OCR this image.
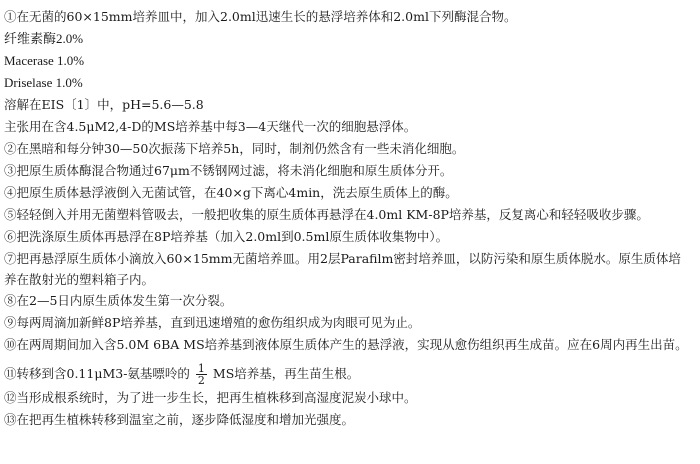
①在无菌的60×15mm培养皿中，加入2.0ml迅速生长的悬浮培养体和2.0ml下列酶混合物。
纤维素酶2.0%
Macerase 1.0%
Driselase 1.0%
溶解在EIS〔1〕中，pH=5.6—5.8
主张用在含4.5μM2,4-D的MS培养基中每3—4天继代一次的细胞悬浮体。
②在黑暗和每分钟30—50次振荡下培养5h，同时，制剂仍然含有一些未消化细胞。
③把原生质体酶混合物通过67μm不锈钢网过滤，将未消化细胞和原生质体分开。
④把原生质体悬浮液倒入无菌试管，在40×g下离心4min，洗去原生质体上的酶。
⑤轻轻倒入并用无菌塑料管吸去，一般把收集的原生质体再悬浮在4.0ml KM-8P培养基，反复离心和轻轻吸收步骤。
⑥把洗涤原生质体再悬浮在8P培养基（加入2.0ml到0.5ml原生质体收集物中）。
⑦把再悬浮原生质体小滴放入60×15mm无菌培养皿。用2层Parafilm密封培养皿，以防污染和原生质体脱水。原生质体培养在散射光的塑料箱子内。
⑧在2—5日内原生质体发生第一次分裂。
⑨每两周滴加新鲜8P培养基，直到迅速增殖的愈伤组织成为肉眼可见为止。
⑩在两周期间加入含5.0M 6BA MS培养基到液体原生质体产生的悬浮液，实现从愈伤组织再生成苗。应在6周内再生出苗。
⑪转移到含0.11μM3-氨基嘌呤的 $\frac{1}{2}$ MS培养基，再生苗生根。
⑫当形成根系统时，为了进一步生长，把再生植株移到高湿度泥炭小球中。
⑬在把再生植株转移到温室之前，逐步降低湿度和增加光强度。
